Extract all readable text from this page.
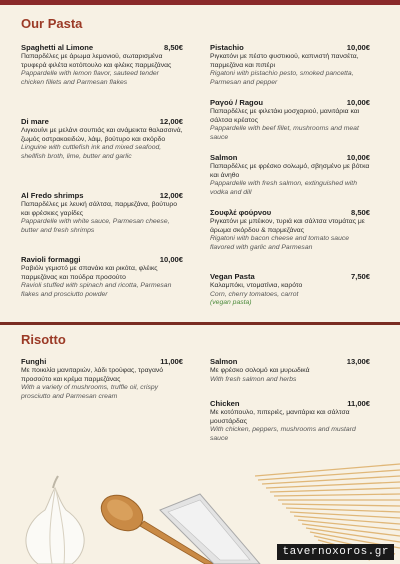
Our Pasta
Spaghetti al Limone	8,50€
Παπαρδέλες με άρωμα λεμονιού, σωταρισμένα τρυφερά φιλέτα κοτόπουλο και φλέικς παρμεζάνας
Pappardelle with lemon flavor, sauteed tender chicken fillets and Parmesan flakes
Di mare	12,00€
Λιγκουίνι με μελάνι σουπιάς και ανάμεικτα θαλασσινά, ζωμός οστρακοειδών, λάιμ, βούτυρο και σκόρδο
Linguine with cuttlefish ink and mixed seafood, shellfish broth, lime, butter and garlic
Al Fredo shrimps	12,00€
Παπαρδέλες με λευκή σάλτσα, παρμεζάνα, βούτυρο και φρέσκιες γαρίδες
Pappardelle with white sauce, Parmesan cheese, butter and fresh shrimps
Ravioli formaggi	10,00€
Ραβιόλι γεμιστό με σπανάκι και ρικότα, φλέικς παρμεζάνας και πούδρα προσούτο
Ravioli stuffed with spinach and ricotta, Parmesan flakes and prosciutto powder
Pistachio	10,00€
Ριγκατόνι με πέστο φυστικιού, καπνιστή πανσέτα, παρμεζάνα και πιπέρι
Rigatoni with pistachio pesto, smoked pancetta, Parmesan and pepper
Ραγού / Ragou	10,00€
Παπαρδέλες με φιλετάκι μοσχαριού, μανιτάρια και σάλτσα κρέατος
Pappardelle with beef fillet, mushrooms and meat sauce
Salmon	10,00€
Παπαρδέλες με φρέσκο σολωμό, σβησμένο με βότκα και άνηθο
Pappardelle with fresh salmon, extinguished with vodka and dill
Σουφλέ φούρνου	8,50€
Ριγκατόνι με μπέικον, τυριά και σάλτσα ντομάτας με άρωμα σκόρδου & παρμεζάνας
Rigatoni with bacon cheese and tomato sauce flavored with garlic and Parmesan
Vegan Pasta	7,50€
Καλαμπόκι, ντοματίνια, καρότο
Corn, cherry tomatoes, carrot
(vegan pasta)
Risotto
Funghi	11,00€
Με ποικιλία μανιταριών, λάδι τρούφας, τραγανό προσούτο και κρέμα παρμεζάνας
With a variety of mushrooms, truffle oil, crispy prosciutto and Parmesan cream
Salmon	13,00€
Με φρέσκο σολομό και μυρωδικά
With fresh salmon and herbs
Chicken	11,00€
Με κοτόπουλο, πιπεριές, μανιτάρια και σάλτσα μουστάρδας
With chicken, peppers, mushrooms and mustard sauce
tavernoxoros.gr
